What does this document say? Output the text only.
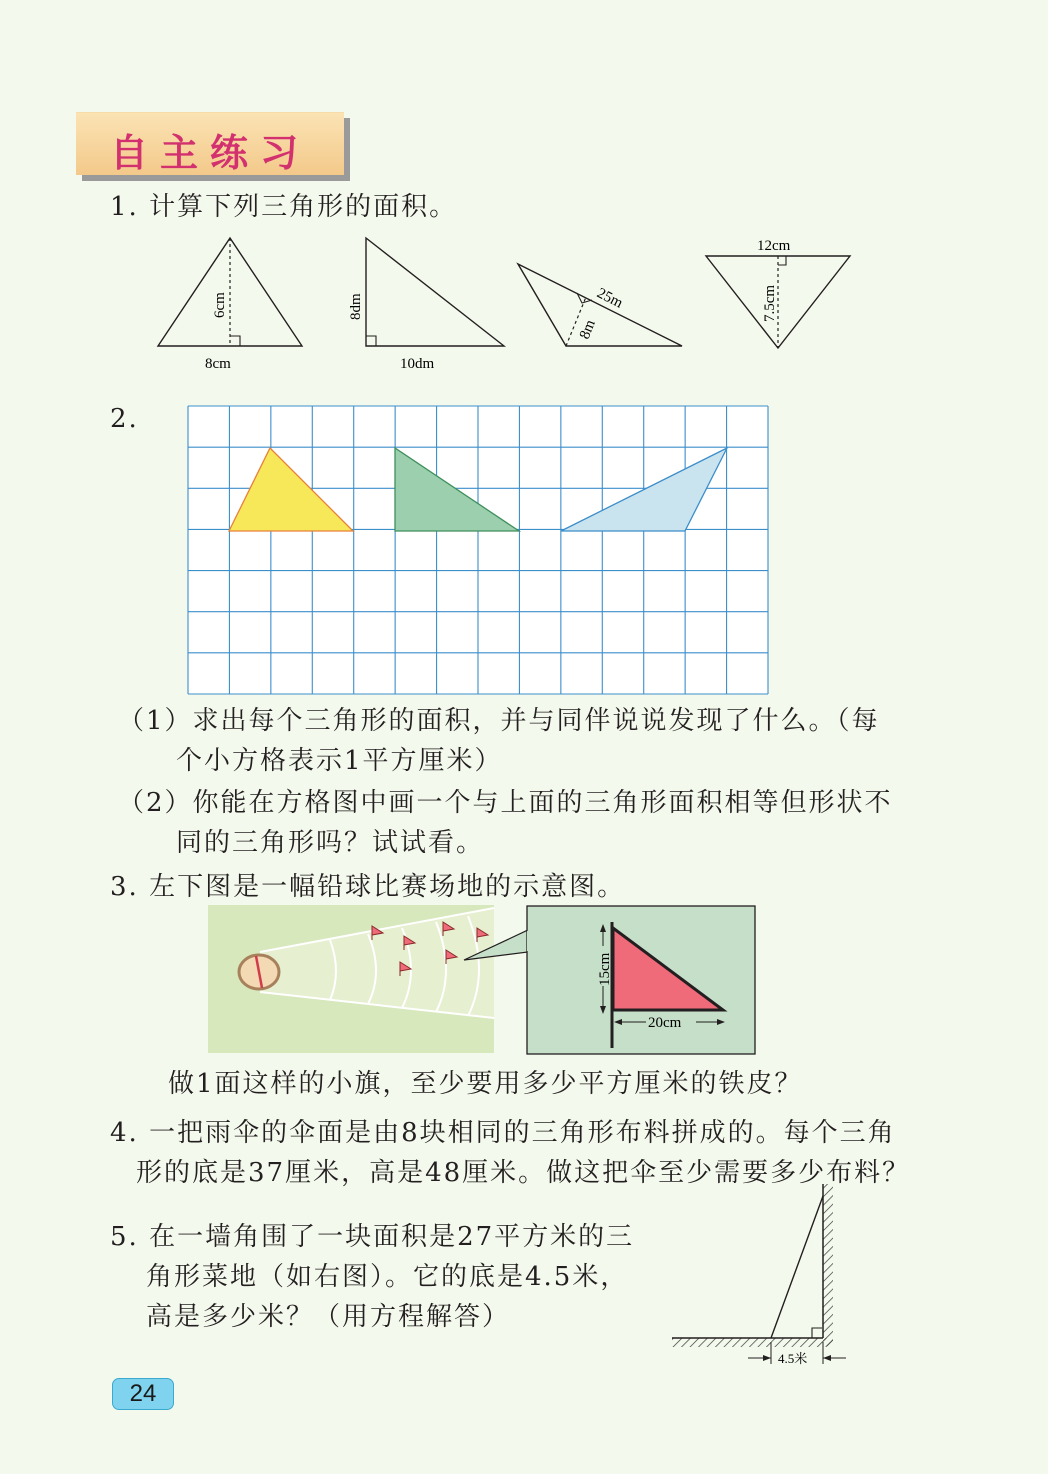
自主练习
1. 计算下列三角形的面积。
6cm
8cm
8dm
10dm
25m
8m
12cm
7.5cm
15cm
20cm
4.5米
2.
（1）求出每个三角形的面积，并与同伴说说发现了什么。（每
个小方格表示1平方厘米）
（2）你能在方格图中画一个与上面的三角形面积相等但形状不
同的三角形吗？试试看。
3. 左下图是一幅铅球比赛场地的示意图。
做1面这样的小旗，至少要用多少平方厘米的铁皮？
4. 一把雨伞的伞面是由8块相同的三角形布料拼成的。每个三角
形的底是37厘米，高是48厘米。做这把伞至少需要多少布料？
5. 在一墙角围了一块面积是27平方米的三
角形菜地（如右图）。它的底是4.5米，
高是多少米？（用方程解答）
24
